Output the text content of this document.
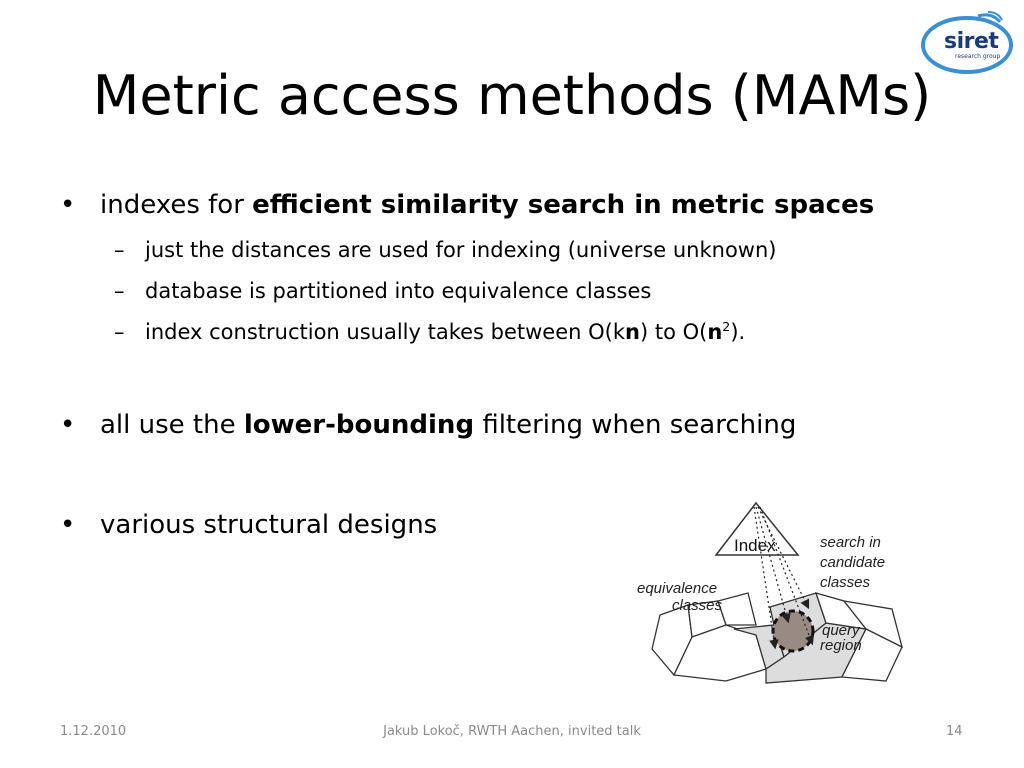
siret
research group
Metric access methods (MAMs)
• indexes for efficient similarity search in metric spaces
– just the distances are used for indexing (universe unknown)
– database is partitioned into equivalence classes
– index construction usually takes between O(kn) to $O(n^2)$.
• all use the lower-bounding filtering when searching
• various structural designs
Index
equivalence
classes
search in
candidate
classes
query
region
1.12.2010	Jakub Lokoč, RWTH Aachen, invited talk	14
